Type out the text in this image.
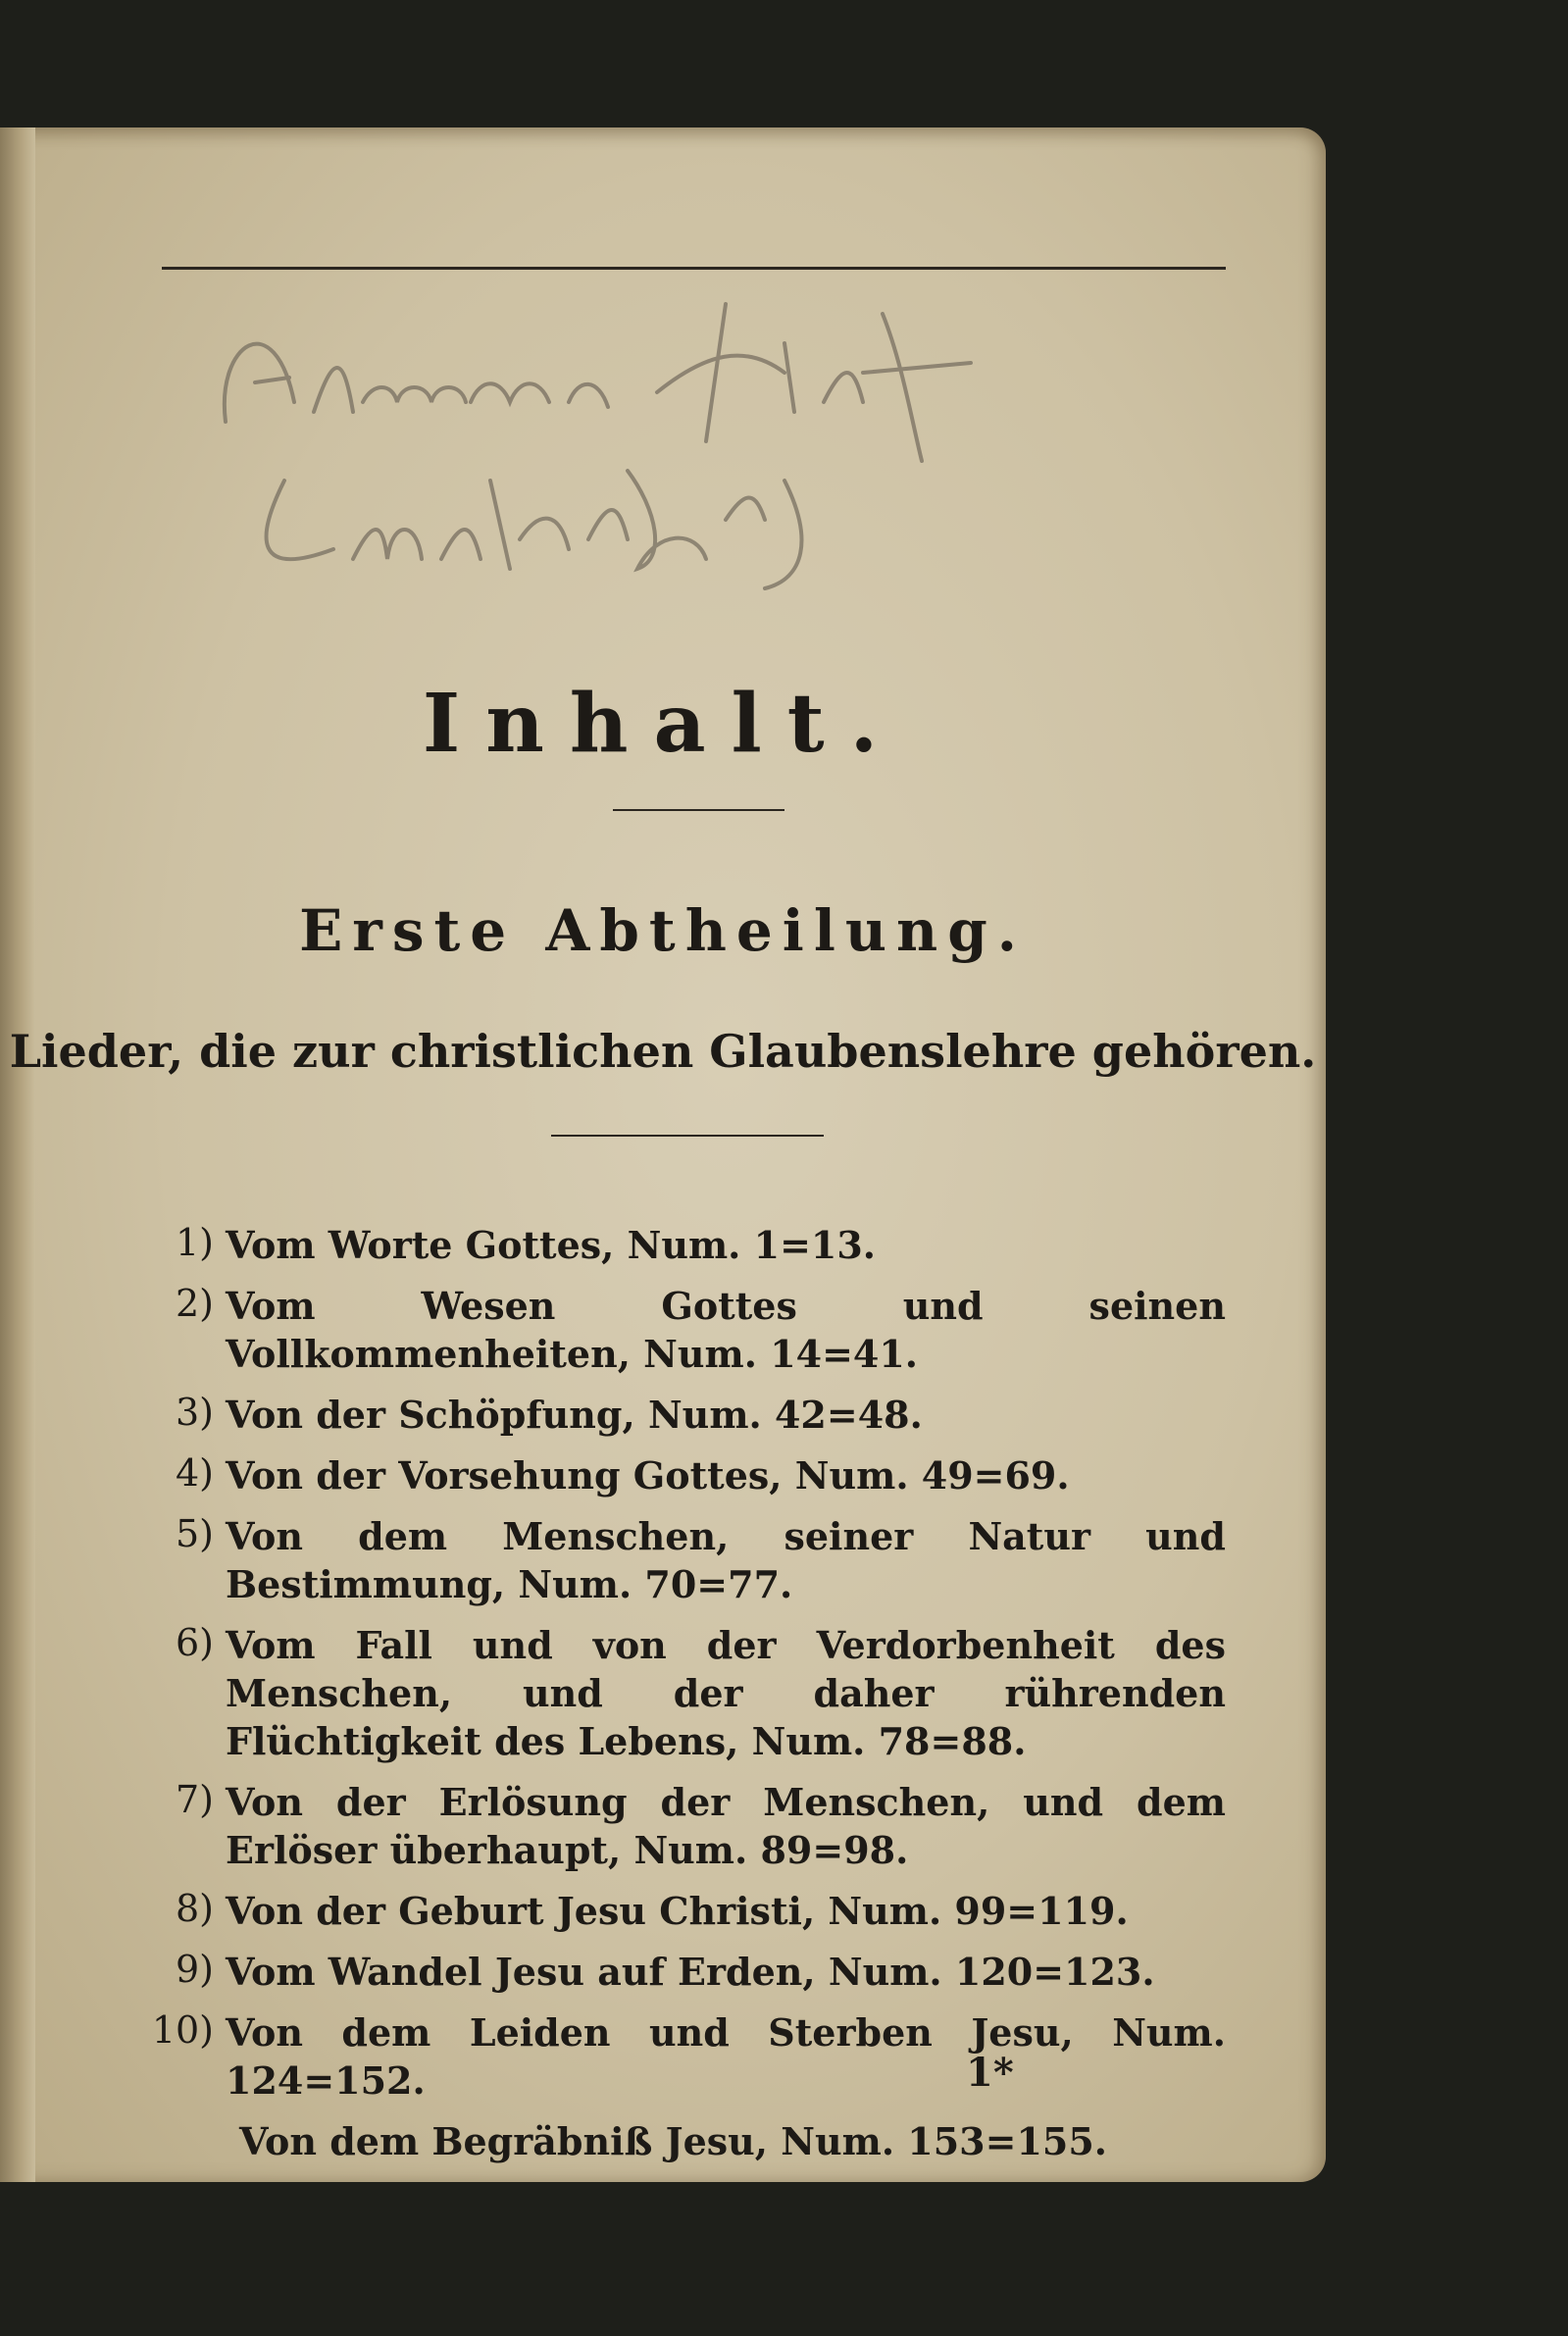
Inhalt.
Erste Abtheilung.
Lieder, die zur christlichen Glaubenslehre gehören.
1) Vom Worte Gottes, Num. 1=13.
2) Vom Wesen Gottes und seinen Vollkommenheiten, Num. 14=41.
3) Von der Schöpfung, Num. 42=48.
4) Von der Vorsehung Gottes, Num. 49=69.
5) Von dem Menschen, seiner Natur und Bestimmung, Num. 70=77.
6) Vom Fall und von der Verdorbenheit des Menschen, und der daher rührenden Flüchtigkeit des Lebens, Num. 78=88.
7) Von der Erlösung der Menschen, und dem Erlöser überhaupt, Num. 89=98.
8) Von der Geburt Jesu Christi, Num. 99=119.
9) Vom Wandel Jesu auf Erden, Num. 120=123.
10) Von dem Leiden und Sterben Jesu, Num. 124=152.
Von dem Begräbniß Jesu, Num. 153=155.
1*
